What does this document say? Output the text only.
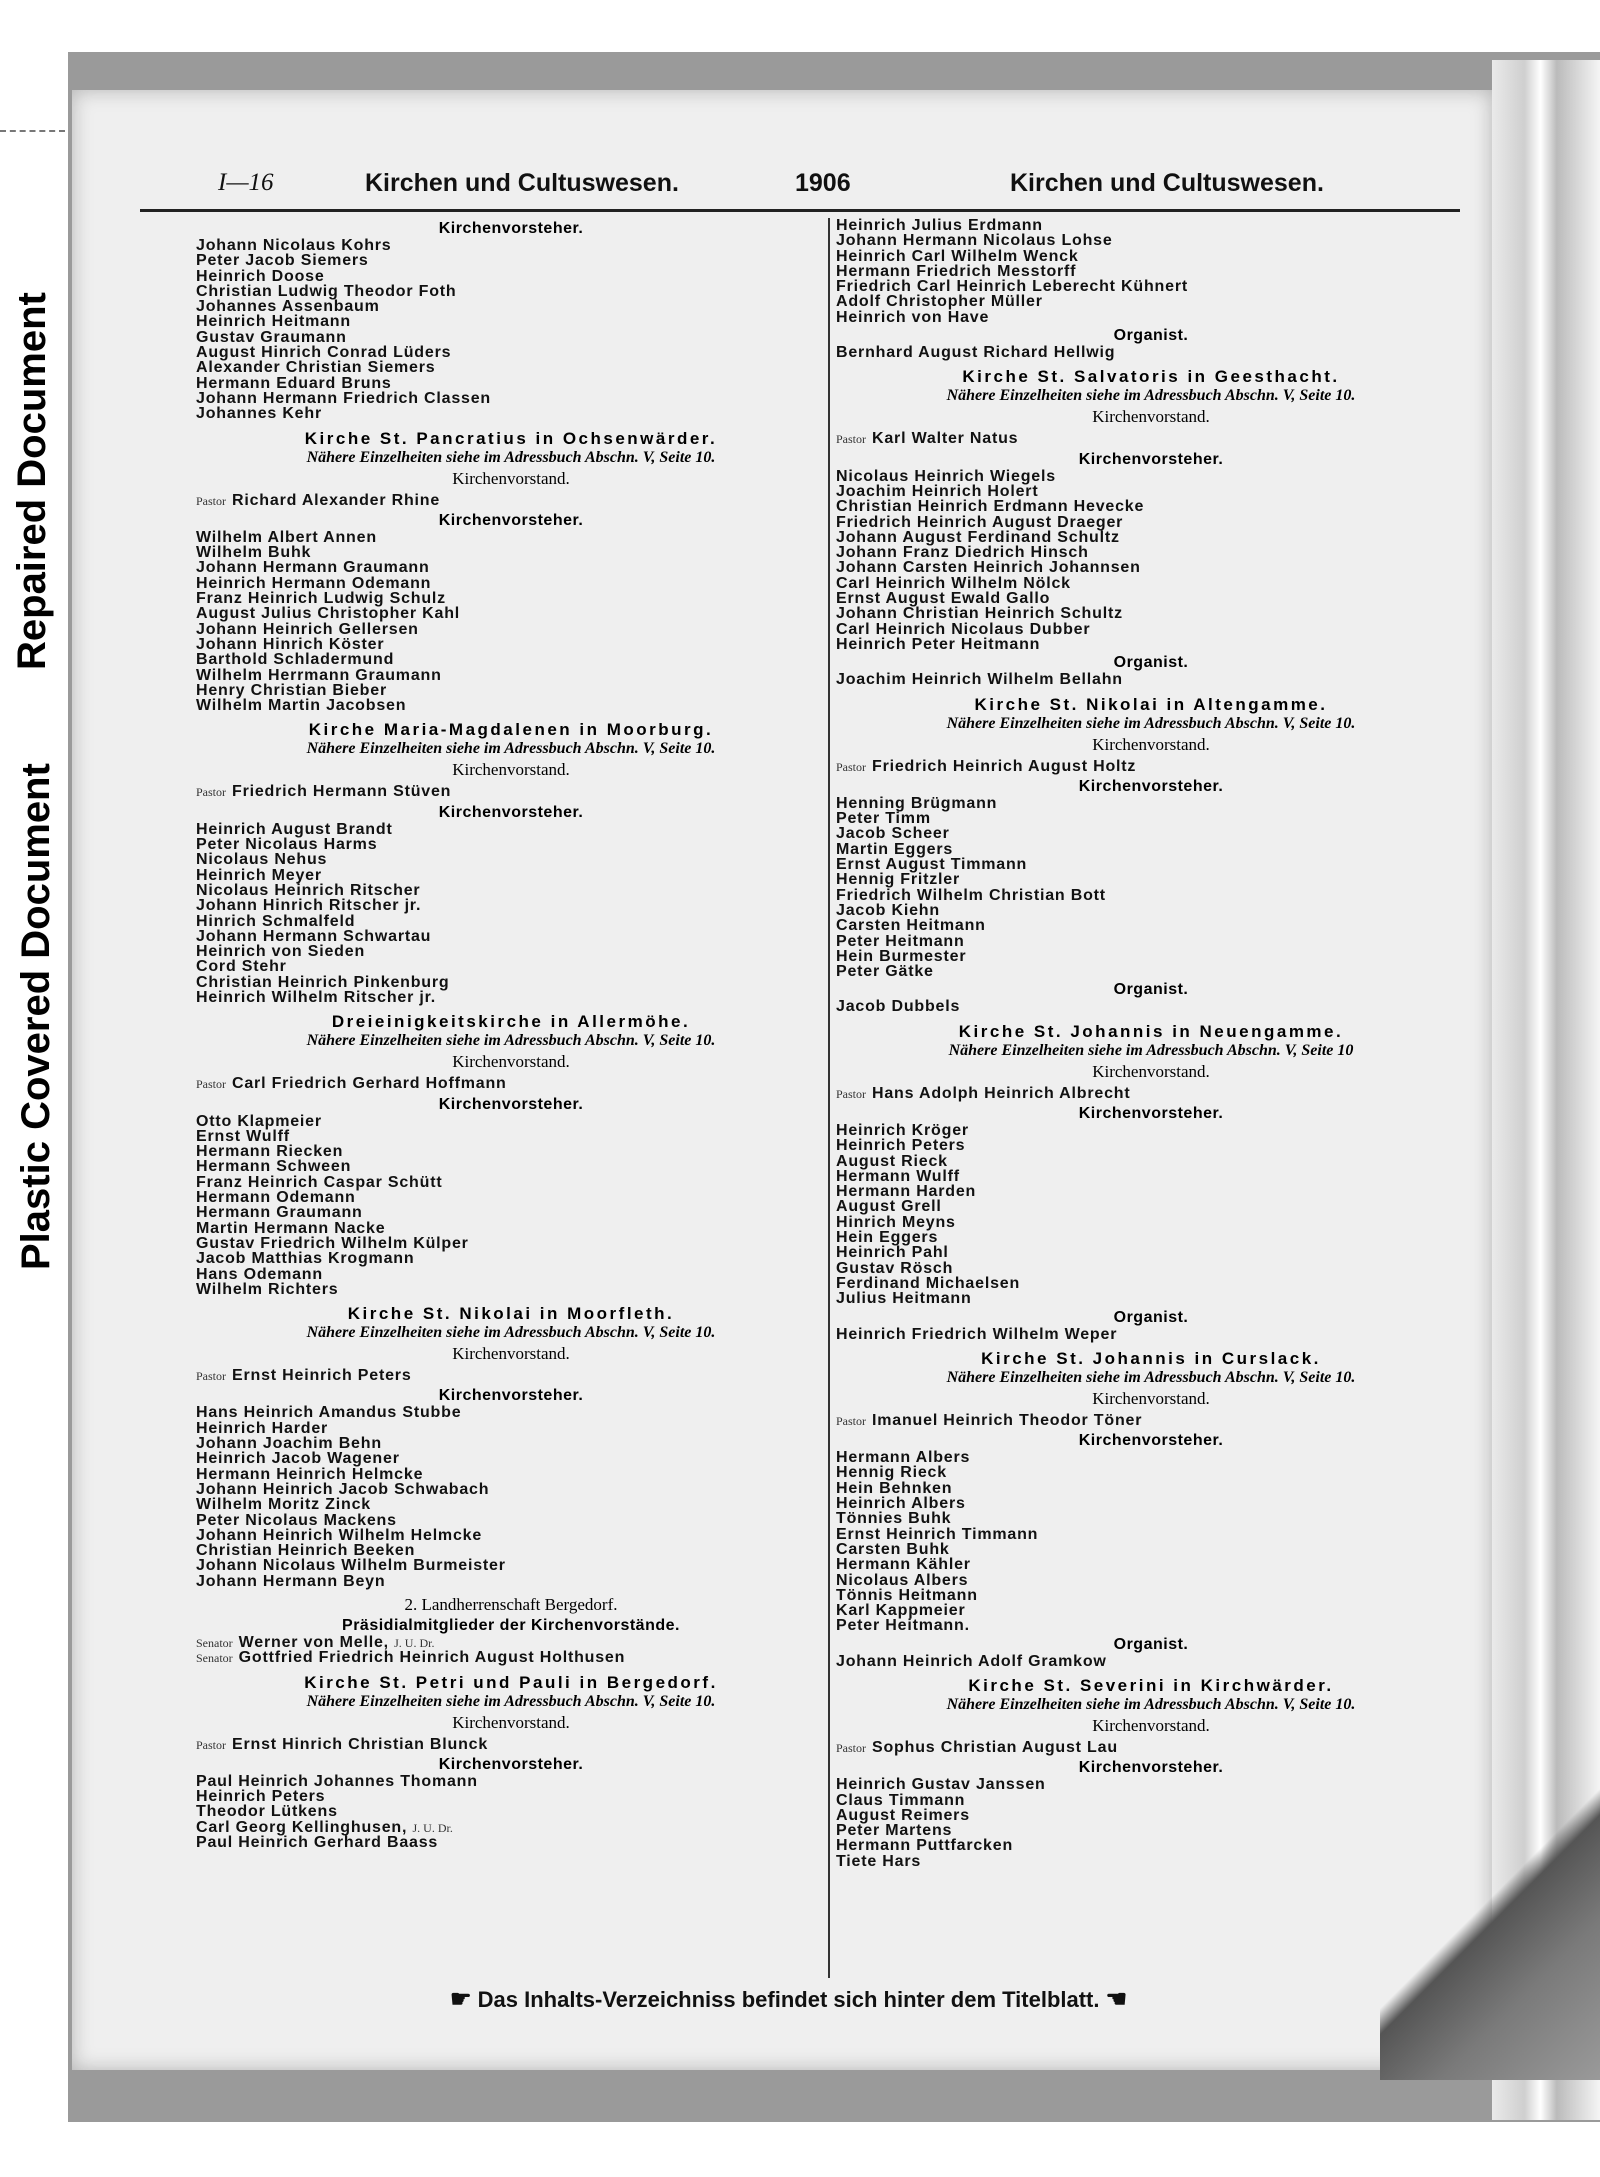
Repaired Document
Plastic Covered Document
I—16	Kirchen und Cultuswesen.	1906	Kirchen und Cultuswesen.
Kirchenvorsteher.
Johann Nicolaus Kohrs
Peter Jacob Siemers
Heinrich Doose
Christian Ludwig Theodor Foth
Johannes Assenbaum
Heinrich Heitmann
Gustav Graumann
August Hinrich Conrad Lüders
Alexander Christian Siemers
Hermann Eduard Bruns
Johann Hermann Friedrich Classen
Johannes Kehr
Kirche St. Pancratius in Ochsenwärder.
Nähere Einzelheiten siehe im Adressbuch Abschn. V, Seite 10.
Kirchenvorstand.
Pastor Richard Alexander Rhine
Kirchenvorsteher.
Wilhelm Albert Annen
Wilhelm Buhk
Johann Hermann Graumann
Heinrich Hermann Odemann
Franz Heinrich Ludwig Schulz
August Julius Christopher Kahl
Johann Heinrich Gellersen
Johann Hinrich Köster
Barthold Schladermund
Wilhelm Herrmann Graumann
Henry Christian Bieber
Wilhelm Martin Jacobsen
Kirche Maria-Magdalenen in Moorburg.
Nähere Einzelheiten siehe im Adressbuch Abschn. V, Seite 10.
Kirchenvorstand.
Pastor Friedrich Hermann Stüven
Kirchenvorsteher.
Heinrich August Brandt
Peter Nicolaus Harms
Nicolaus Nehus
Heinrich Meyer
Nicolaus Heinrich Ritscher
Johann Hinrich Ritscher jr.
Hinrich Schmalfeld
Johann Hermann Schwartau
Heinrich von Sieden
Cord Stehr
Christian Heinrich Pinkenburg
Heinrich Wilhelm Ritscher jr.
Dreieinigkeitskirche in Allermöhe.
Nähere Einzelheiten siehe im Adressbuch Abschn. V, Seite 10.
Kirchenvorstand.
Pastor Carl Friedrich Gerhard Hoffmann
Kirchenvorsteher.
Otto Klapmeier
Ernst Wulff
Hermann Riecken
Hermann Schween
Franz Heinrich Caspar Schütt
Hermann Odemann
Hermann Graumann
Martin Hermann Nacke
Gustav Friedrich Wilhelm Külper
Jacob Matthias Krogmann
Hans Odemann
Wilhelm Richters
Kirche St. Nikolai in Moorfleth.
Nähere Einzelheiten siehe im Adressbuch Abschn. V, Seite 10.
Kirchenvorstand.
Pastor Ernst Heinrich Peters
Kirchenvorsteher.
Hans Heinrich Amandus Stubbe
Heinrich Harder
Johann Joachim Behn
Heinrich Jacob Wagener
Hermann Heinrich Helmcke
Johann Heinrich Jacob Schwabach
Wilhelm Moritz Zinck
Peter Nicolaus Mackens
Johann Heinrich Wilhelm Helmcke
Christian Heinrich Beeken
Johann Nicolaus Wilhelm Burmeister
Johann Hermann Beyn
2. Landherrenschaft Bergedorf.
Präsidialmitglieder der Kirchenvorstände.
Senator Werner von Melle, J. U. Dr.
Senator Gottfried Friedrich Heinrich August Holthusen
Kirche St. Petri und Pauli in Bergedorf.
Nähere Einzelheiten siehe im Adressbuch Abschn. V, Seite 10.
Kirchenvorstand.
Pastor Ernst Hinrich Christian Blunck
Kirchenvorsteher.
Paul Heinrich Johannes Thomann
Heinrich Peters
Theodor Lütkens
Carl Georg Kellinghusen, J. U. Dr.
Paul Heinrich Gerhard Baass
Heinrich Julius Erdmann
Johann Hermann Nicolaus Lohse
Heinrich Carl Wilhelm Wenck
Hermann Friedrich Messtorff
Friedrich Carl Heinrich Leberecht Kühnert
Adolf Christopher Müller
Heinrich von Have
Organist.
Bernhard August Richard Hellwig
Kirche St. Salvatoris in Geesthacht.
Nähere Einzelheiten siehe im Adressbuch Abschn. V, Seite 10.
Kirchenvorstand.
Pastor Karl Walter Natus
Kirchenvorsteher.
Nicolaus Heinrich Wiegels
Joachim Heinrich Holert
Christian Heinrich Erdmann Hevecke
Friedrich Heinrich August Draeger
Johann August Ferdinand Schultz
Johann Franz Diedrich Hinsch
Johann Carsten Heinrich Johannsen
Carl Heinrich Wilhelm Nölck
Ernst August Ewald Gallo
Johann Christian Heinrich Schultz
Carl Heinrich Nicolaus Dubber
Heinrich Peter Heitmann
Organist.
Joachim Heinrich Wilhelm Bellahn
Kirche St. Nikolai in Altengamme.
Nähere Einzelheiten siehe im Adressbuch Abschn. V, Seite 10.
Kirchenvorstand.
Pastor Friedrich Heinrich August Holtz
Kirchenvorsteher.
Henning Brügmann
Peter Timm
Jacob Scheer
Martin Eggers
Ernst August Timmann
Hennig Fritzler
Friedrich Wilhelm Christian Bott
Jacob Kiehn
Carsten Heitmann
Peter Heitmann
Hein Burmester
Peter Gätke
Organist.
Jacob Dubbels
Kirche St. Johannis in Neuengamme.
Nähere Einzelheiten siehe im Adressbuch Abschn. V, Seite 10
Kirchenvorstand.
Pastor Hans Adolph Heinrich Albrecht
Kirchenvorsteher.
Heinrich Kröger
Heinrich Peters
August Rieck
Hermann Wulff
Hermann Harden
August Grell
Hinrich Meyns
Hein Eggers
Heinrich Pahl
Gustav Rösch
Ferdinand Michaelsen
Julius Heitmann
Organist.
Heinrich Friedrich Wilhelm Weper
Kirche St. Johannis in Curslack.
Nähere Einzelheiten siehe im Adressbuch Abschn. V, Seite 10.
Kirchenvorstand.
Pastor Imanuel Heinrich Theodor Töner
Kirchenvorsteher.
Hermann Albers
Hennig Rieck
Hein Behnken
Heinrich Albers
Tönnies Buhk
Ernst Heinrich Timmann
Carsten Buhk
Hermann Kähler
Nicolaus Albers
Tönnis Heitmann
Karl Kappmeier
Peter Heitmann.
Organist.
Johann Heinrich Adolf Gramkow
Kirche St. Severini in Kirchwärder.
Nähere Einzelheiten siehe im Adressbuch Abschn. V, Seite 10.
Kirchenvorstand.
Pastor Sophus Christian August Lau
Kirchenvorsteher.
Heinrich Gustav Janssen
Claus Timmann
August Reimers
Peter Martens
Hermann Puttfarcken
Tiete Hars
☛ Das Inhalts-Verzeichniss befindet sich hinter dem Titelblatt. ☚
